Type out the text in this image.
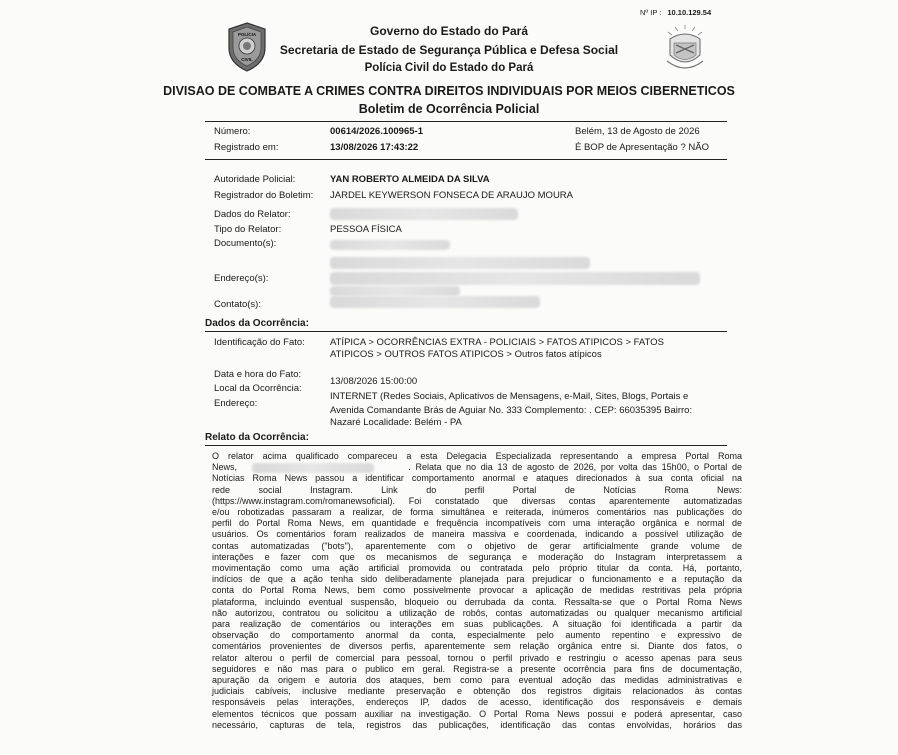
Nº IP : 10.10.129.54
POLÍCIA
CIVIL
Governo do Estado do Pará
Secretaria de Estado de Segurança Pública e Defesa Social
Polícia Civil do Estado do Pará
DIVISAO DE COMBATE A CRIMES CONTRA DIREITOS INDIVIDUAIS POR MEIOS CIBERNETICOS
Boletim de Ocorrência Policial
Número:	00614/2026.100965-1	Belém, 13 de Agosto de 2026
Registrado em:	13/08/2026 17:43:22	É BOP de Apresentação ? NÃO
Autoridade Policial:	YAN ROBERTO ALMEIDA DA SILVA
Registrador do Boletim: JARDEL KEYWERSON FONSECA DE ARAUJO MOURA
Dados do Relator:
Tipo do Relator:	PESSOA FÍSICA
Documento(s):
Endereço(s):
Contato(s):
Dados da Ocorrência:
Identificação do Fato:	ATÍPICA > OCORRÊNCIAS EXTRA - POLICIAIS > FATOS ATIPICOS > FATOS
ATIPICOS > OUTROS FATOS ATIPICOS > Outros fatos atípicos
Data e hora do Fato:
13/08/2026 15:00:00
Local da Ocorrência:
INTERNET (Redes Sociais, Aplicativos de Mensagens, e-Mail, Sites, Blogs, Portais e
Endereço:
Avenida Comandante Brás de Aguiar No. 333 Complemento: . CEP: 66035395 Bairro:
Nazaré Localidade: Belém - PA
Relato da Ocorrência:
O relator acima qualificado compareceu a esta Delegacia Especializada representando a empresa Portal Roma
News,                                    . Relata que no dia 13 de agosto de 2026, por volta das 15h00, o Portal de
Notícias Roma News passou a identificar comportamento anormal e ataques direcionados à sua conta oficial na
rede social Instagram. Link do perfil Portal de Notícias Roma News:
(https://www.instagram.com/romanewsoficial). Foi constatado que diversas contas aparentemente automatizadas
e/ou robotizadas passaram a realizar, de forma simultânea e reiterada, inúmeros comentários nas publicações do
perfil do Portal Roma News, em quantidade e frequência incompatíveis com uma interação orgânica e normal de
usuários. Os comentários foram realizados de maneira massiva e coordenada, indicando a possível utilização de
contas automatizadas ("bots"), aparentemente com o objetivo de gerar artificialmente grande volume de
interações e fazer com que os mecanismos de segurança e moderação do Instagram interpretassem a
movimentação como uma ação artificial promovida ou contratada pelo próprio titular da conta. Há, portanto,
indícios de que a ação tenha sido deliberadamente planejada para prejudicar o funcionamento e a reputação da
conta do Portal Roma News, bem como possivelmente provocar a aplicação de medidas restritivas pela própria
plataforma, incluindo eventual suspensão, bloqueio ou derrubada da conta. Ressalta-se que o Portal Roma News
não autorizou, contratou ou solicitou a utilização de robôs, contas automatizadas ou qualquer mecanismo artificial
para realização de comentários ou interações em suas publicações. A situação foi identificada a partir da
observação do comportamento anormal da conta, especialmente pelo aumento repentino e expressivo de
comentários provenientes de diversos perfis, aparentemente sem relação orgânica entre si. Diante dos fatos, o
relator alterou o perfil de comercial para pessoal, tornou o perfil privado e restringiu o acesso apenas para seus
seguidores e não mas para o publico em geral. Registra-se a presente ocorrência para fins de documentação,
apuração da origem e autoria dos ataques, bem como para eventual adoção das medidas administrativas e
judiciais cabíveis, inclusive mediante preservação e obtenção dos registros digitais relacionados às contas
responsáveis pelas interações, endereços IP, dados de acesso, identificação dos responsáveis e demais
elementos técnicos que possam auxiliar na investigação. O Portal Roma News possui e poderá apresentar, caso
necessário, capturas de tela, registros das publicações, identificação das contas envolvidas, horários das
